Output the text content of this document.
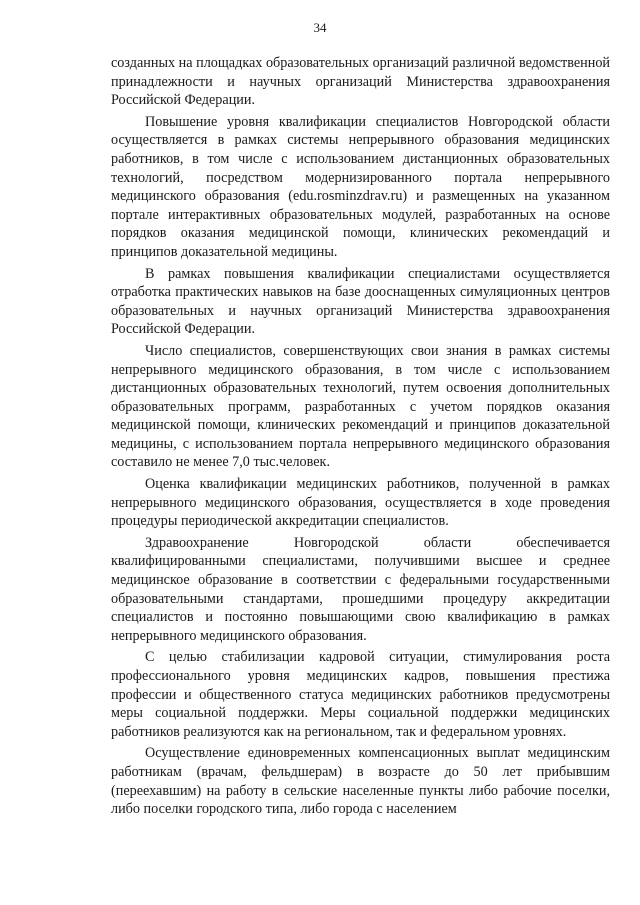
34

созданных на площадках образовательных организаций различной ведомственной принадлежности и научных организаций Министерства здравоохранения Российской Федерации.

Повышение уровня квалификации специалистов Новгородской области осуществляется в рамках системы непрерывного образования медицинских работников, в том числе с использованием дистанционных образовательных технологий, посредством модернизированного портала непрерывного медицинского образования (edu.rosminzdrav.ru) и размещенных на указанном портале интерактивных образовательных модулей, разработанных на основе порядков оказания медицинской помощи, клинических рекомендаций и принципов доказательной медицины.

В рамках повышения квалификации специалистами осуществляется отработка практических навыков на базе дооснащенных симуляционных центров образовательных и научных организаций Министерства здравоохранения Российской Федерации.

Число специалистов, совершенствующих свои знания в рамках системы непрерывного медицинского образования, в том числе с использованием дистанционных образовательных технологий, путем освоения дополнительных образовательных программ, разработанных с учетом порядков оказания медицинской помощи, клинических рекомендаций и принципов доказательной медицины, с использованием портала непрерывного медицинского образования составило не менее 7,0 тыс.человек.

Оценка квалификации медицинских работников, полученной в рамках непрерывного медицинского образования, осуществляется в ходе проведения процедуры периодической аккредитации специалистов.

Здравоохранение Новгородской области обеспечивается квалифицированными специалистами, получившими высшее и среднее медицинское образование в соответствии с федеральными государственными образовательными стандартами, прошедшими процедуру аккредитации специалистов и постоянно повышающими свою квалификацию в рамках непрерывного медицинского образования.

С целью стабилизации кадровой ситуации, стимулирования роста профессионального уровня медицинских кадров, повышения престижа профессии и общественного статуса медицинских работников предусмотрены меры социальной поддержки. Меры социальной поддержки медицинских работников реализуются как на региональном, так и федеральном уровнях.

Осуществление единовременных компенсационных выплат медицинским работникам (врачам, фельдшерам) в возрасте до 50 лет прибывшим (переехавшим) на работу в сельские населенные пункты либо рабочие поселки, либо поселки городского типа, либо города с населением
